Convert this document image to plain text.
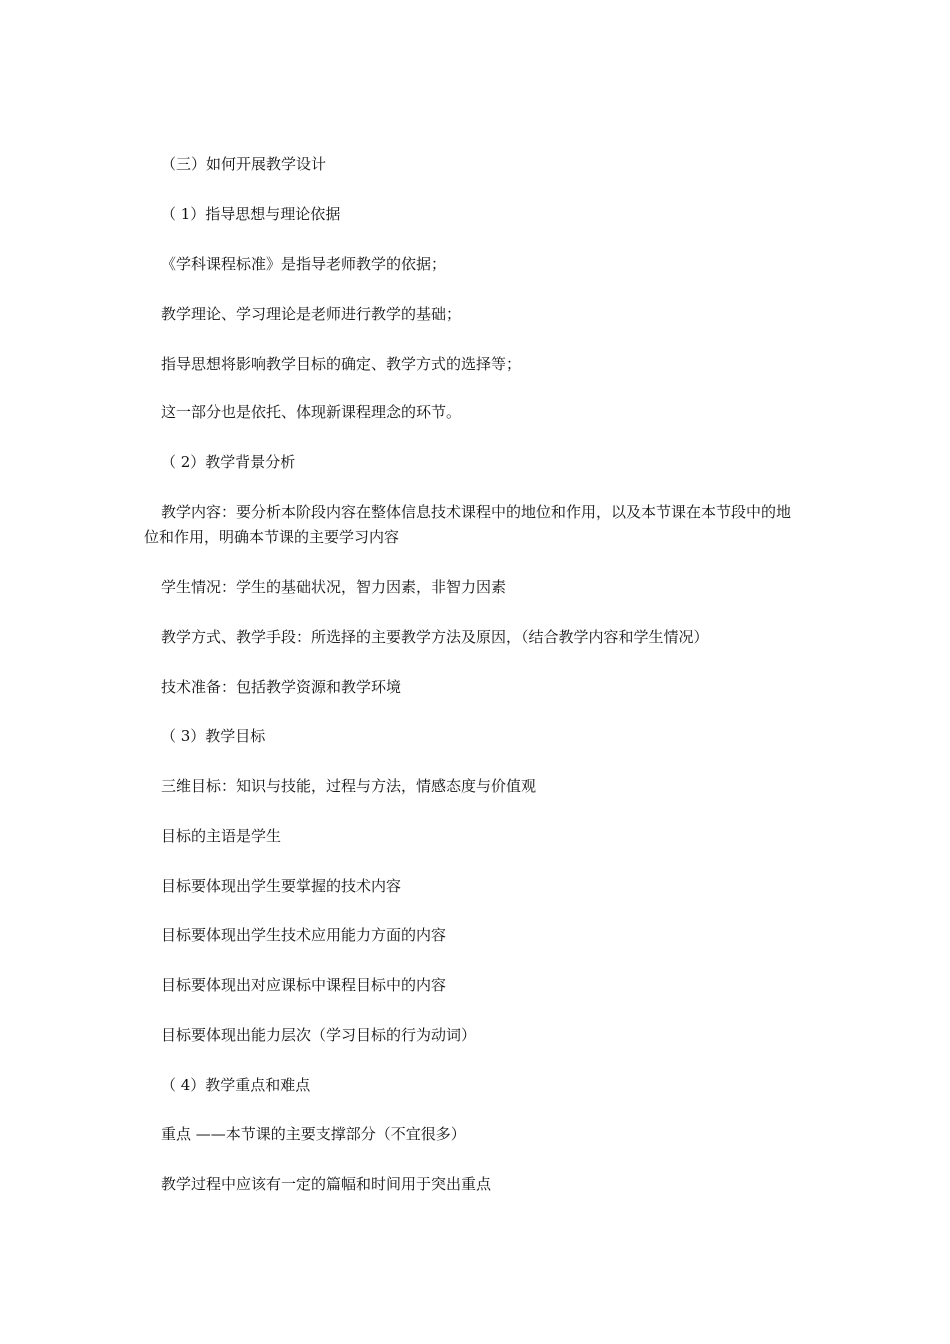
（三）如何开展教学设计

（ 1）指导思想与理论依据

《学科课程标准》是指导老师教学的依据；

教学理论、学习理论是老师进行教学的基础；

指导思想将影响教学目标的确定、教学方式的选择等；

这一部分也是依托、体现新课程理念的环节。

（ 2）教学背景分析

教学内容：要分析本阶段内容在整体信息技术课程中的地位和作用，以及本节课在本节段中的地位和作用，明确本节课的主要学习内容

学生情况：学生的基础状况，智力因素，非智力因素

教学方式、教学手段：所选择的主要教学方法及原因，（结合教学内容和学生情况）

技术准备：包括教学资源和教学环境

（ 3）教学目标

三维目标：知识与技能，过程与方法，情感态度与价值观

目标的主语是学生

目标要体现出学生要掌握的技术内容

目标要体现出学生技术应用能力方面的内容

目标要体现出对应课标中课程目标中的内容

目标要体现出能力层次（学习目标的行为动词）

（ 4）教学重点和难点

重点 ——本节课的主要支撑部分（不宜很多）

教学过程中应该有一定的篇幅和时间用于突出重点
